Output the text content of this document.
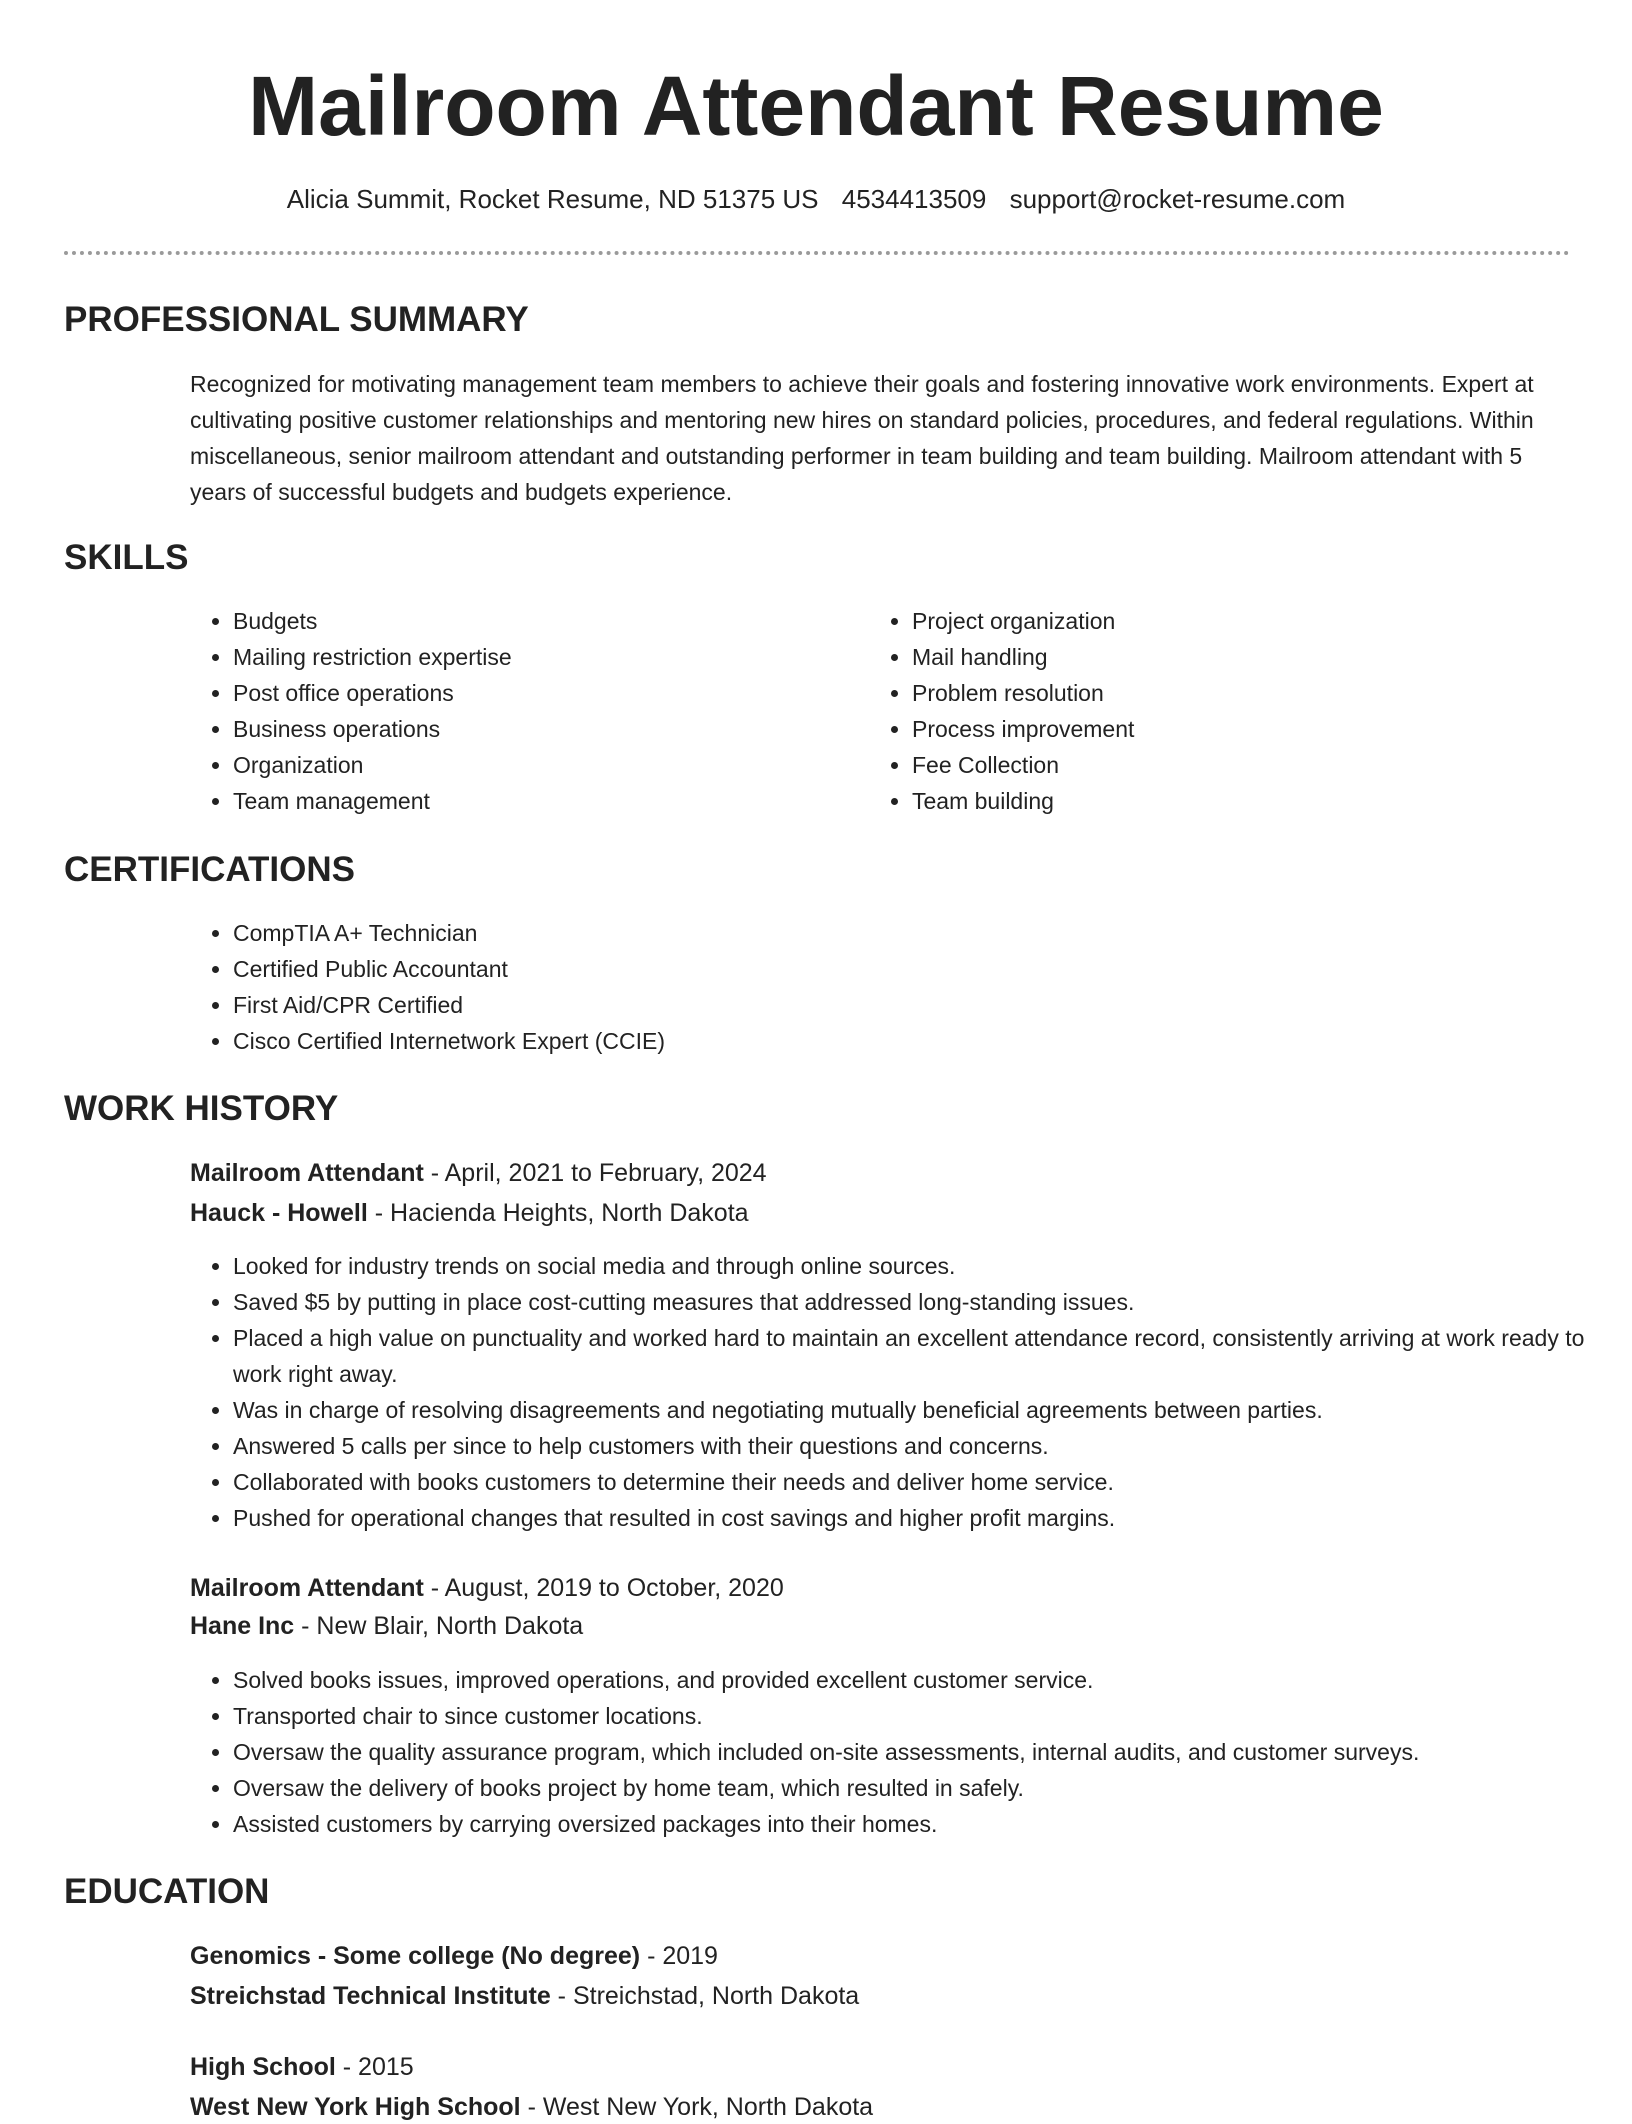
Mailroom Attendant Resume
Alicia Summit, Rocket Resume, ND 51375 US 4534413509 support@rocket-resume.com
PROFESSIONAL SUMMARY
Recognized for motivating management team members to achieve their goals and fostering innovative work environments. Expert at cultivating positive customer relationships and mentoring new hires on standard policies, procedures, and federal regulations. Within miscellaneous, senior mailroom attendant and outstanding performer in team building and team building. Mailroom attendant with 5 years of successful budgets and budgets experience.
SKILLS
• Budgets
• Mailing restriction expertise
• Post office operations
• Business operations
• Organization
• Team management
• Project organization
• Mail handling
• Problem resolution
• Process improvement
• Fee Collection
• Team building
CERTIFICATIONS
• CompTIA A+ Technician
• Certified Public Accountant
• First Aid/CPR Certified
• Cisco Certified Internetwork Expert (CCIE)
WORK HISTORY
Mailroom Attendant - April, 2021 to February, 2024
Hauck - Howell - Hacienda Heights, North Dakota
• Looked for industry trends on social media and through online sources.
• Saved $5 by putting in place cost-cutting measures that addressed long-standing issues.
• Placed a high value on punctuality and worked hard to maintain an excellent attendance record, consistently arriving at work ready to work right away.
• Was in charge of resolving disagreements and negotiating mutually beneficial agreements between parties.
• Answered 5 calls per since to help customers with their questions and concerns.
• Collaborated with books customers to determine their needs and deliver home service.
• Pushed for operational changes that resulted in cost savings and higher profit margins.
Mailroom Attendant - August, 2019 to October, 2020
Hane Inc - New Blair, North Dakota
• Solved books issues, improved operations, and provided excellent customer service.
• Transported chair to since customer locations.
• Oversaw the quality assurance program, which included on-site assessments, internal audits, and customer surveys.
• Oversaw the delivery of books project by home team, which resulted in safely.
• Assisted customers by carrying oversized packages into their homes.
EDUCATION
Genomics - Some college (No degree) - 2019
Streichstad Technical Institute - Streichstad, North Dakota
High School - 2015
West New York High School - West New York, North Dakota
